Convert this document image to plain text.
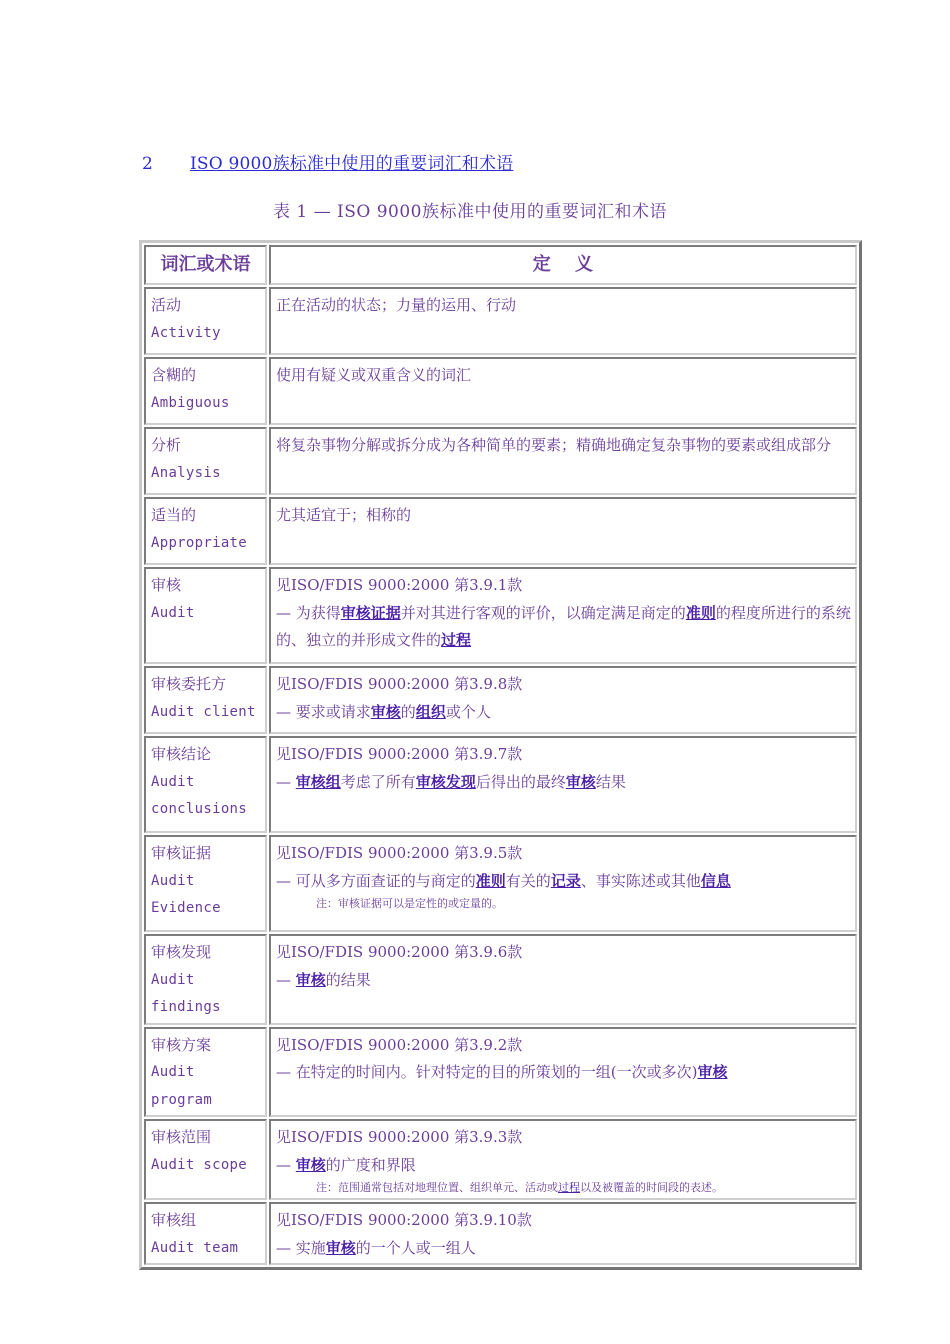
2 ISO 9000族标准中使用的重要词汇和术语
表 1 — ISO 9000族标准中使用的重要词汇和术语
词汇或术语	定　 义

活动
Activity	正在活动的状态；力量的运用、行动

含糊的
Ambiguous	使用有疑义或双重含义的词汇

分析
Analysis	将复杂事物分解或拆分成为各种简单的要素；精确地确定复杂事物的要素或组成部分

适当的
Appropriate	尤其适宜于；相称的

审核
Audit	见ISO/FDIS 9000:2000 第3.9.1款
— 为获得审核证据并对其进行客观的评价，以确定满足商定的准则的程度所进行的系统
的、独立的并形成文件的过程

审核委托方
Audit client	见ISO/FDIS 9000:2000 第3.9.8款
— 要求或请求审核的组织或个人

审核结论
Audit conclusions	见ISO/FDIS 9000:2000 第3.9.7款
— 审核组考虑了所有审核发现后得出的最终审核结果

审核证据
Audit Evidence	见ISO/FDIS 9000:2000 第3.9.5款
— 可从多方面查证的与商定的准则有关的记录、事实陈述或其他信息
注：审核证据可以是定性的或定量的。

审核发现
Audit findings	见ISO/FDIS 9000:2000 第3.9.6款
— 审核的结果

审核方案
Audit program	见ISO/FDIS 9000:2000 第3.9.2款
— 在特定的时间内。针对特定的目的所策划的一组(一次或多次)审核

审核范围
Audit scope	见ISO/FDIS 9000:2000 第3.9.3款
— 审核的广度和界限
注：范围通常包括对地理位置、组织单元、活动或过程以及被覆盖的时间段的表述。

审核组
Audit team	见ISO/FDIS 9000:2000 第3.9.10款
— 实施审核的一个人或一组人
